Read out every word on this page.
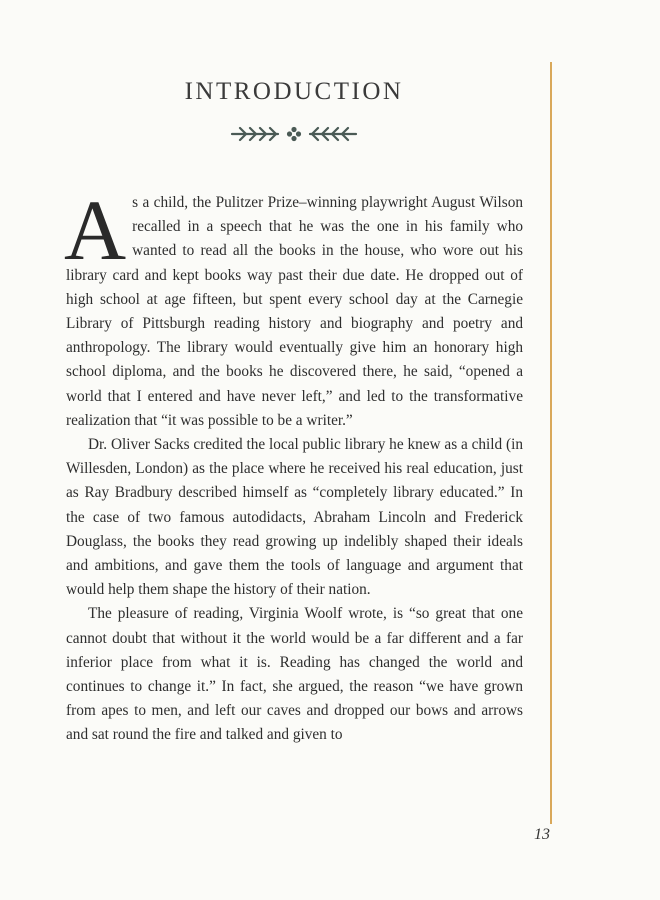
INTRODUCTION

As a child, the Pulitzer Prize–winning playwright August Wilson recalled in a speech that he was the one in his family who wanted to read all the books in the house, who wore out his library card and kept books way past their due date. He dropped out of high school at age fifteen, but spent every school day at the Carnegie Library of Pittsburgh reading history and biography and poetry and anthropology. The library would eventually give him an honorary high school diploma, and the books he discovered there, he said, “opened a world that I entered and have never left,” and led to the transformative realization that “it was possible to be a writer.”

Dr. Oliver Sacks credited the local public library he knew as a child (in Willesden, London) as the place where he received his real education, just as Ray Bradbury described himself as “completely library educated.” In the case of two famous autodidacts, Abraham Lincoln and Frederick Douglass, the books they read growing up indelibly shaped their ideals and ambitions, and gave them the tools of language and argument that would help them shape the history of their nation.

The pleasure of reading, Virginia Woolf wrote, is “so great that one cannot doubt that without it the world would be a far different and a far inferior place from what it is. Reading has changed the world and continues to change it.” In fact, she argued, the reason “we have grown from apes to men, and left our caves and dropped our bows and arrows and sat round the fire and talked and given to

13
